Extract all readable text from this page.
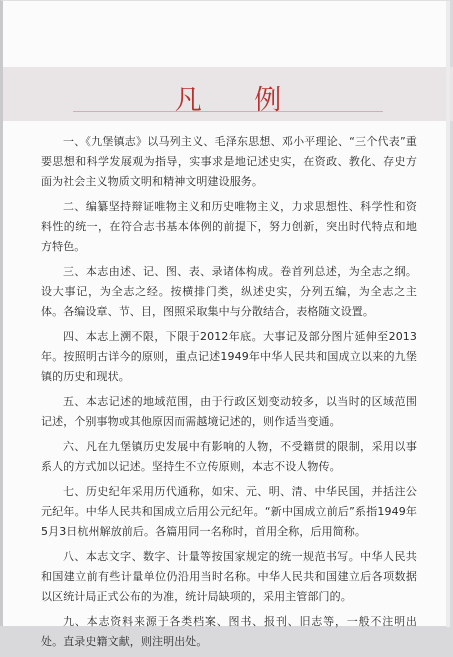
凡 例

一、《九堡镇志》以马列主义、毛泽东思想、邓小平理论、“三个代表”重要思想和科学发展观为指导，实事求是地记述史实，在资政、教化、存史方面为社会主义物质文明和精神文明建设服务。

二、编纂坚持辩证唯物主义和历史唯物主义，力求思想性、科学性和资料性的统一，在符合志书基本体例的前提下，努力创新，突出时代特点和地方特色。

三、本志由述、记、图、表、录诸体构成。卷首列总述，为全志之纲。设大事记，为全志之经。按横排门类，纵述史实，分列五编，为全志之主体。各编设章、节、目，图照采取集中与分散结合，表格随文设置。

四、本志上溯不限，下限于2012年底。大事记及部分图片延伸至2013年。按照明古详今的原则，重点记述1949年中华人民共和国成立以来的九堡镇的历史和现状。

五、本志记述的地域范围，由于行政区划变动较多，以当时的区域范围记述，个别事物或其他原因而需越境记述的，则作适当变通。

六、凡在九堡镇历史发展中有影响的人物，不受籍贯的限制，采用以事系人的方式加以记述。坚持生不立传原则，本志不设人物传。

七、历史纪年采用历代通称，如宋、元、明、清、中华民国，并括注公元纪年。中华人民共和国成立后用公元纪年。“新中国成立前后”系指1949年5月3日杭州解放前后。各篇用同一名称时，首用全称，后用简称。

八、本志文字、数字、计量等按国家规定的统一规范书写。中华人民共和国建立前有些计量单位仍沿用当时名称。中华人民共和国建立后各项数据以区统计局正式公布的为准，统计局缺项的，采用主管部门的。

九、本志资料来源于各类档案、图书、报刊、旧志等，一般不注明出处。直录史籍文献，则注明出处。
